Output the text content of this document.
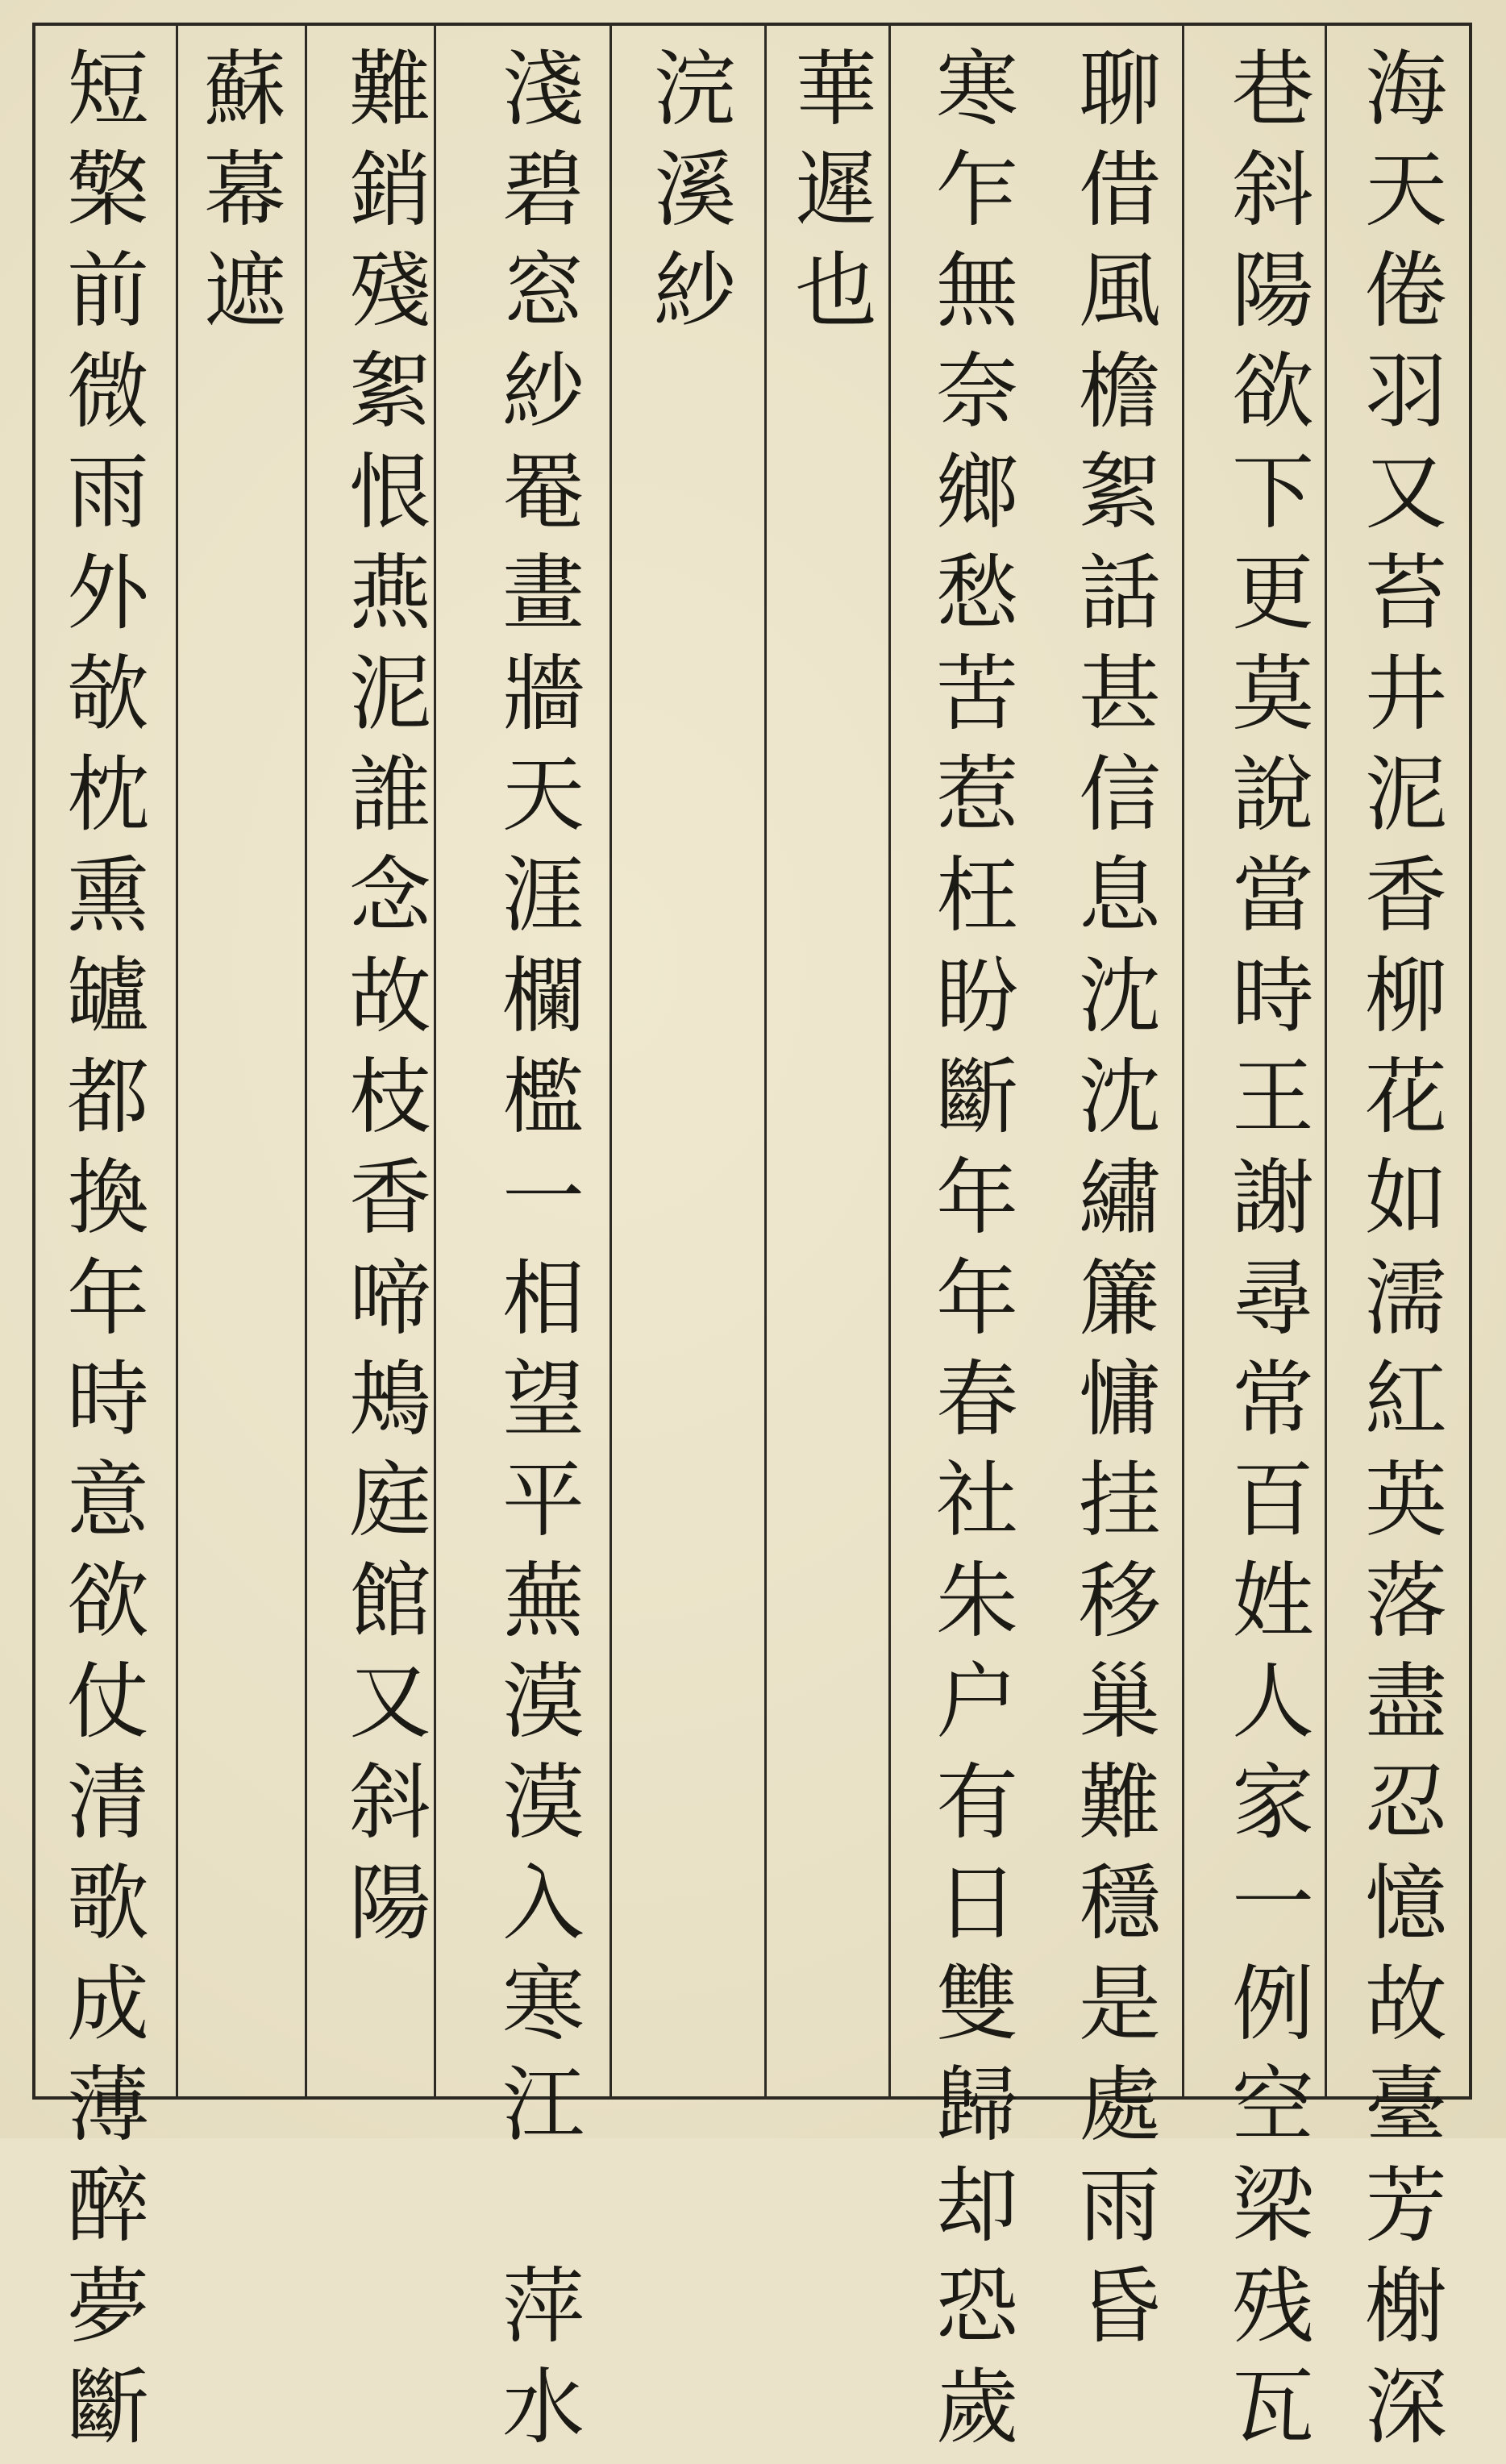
海天倦羽又苔井泥香柳花如濡紅英落盡忍憶故臺芳榭深
巷斜陽欲下更莫說當時王謝尋常百姓人家一例空梁残瓦
聊借風檐絮話甚信息沈沈繡簾慵挂移巢難穩是處雨昏
寒乍無奈鄉愁苦惹枉盼斷年年春社朱户有日雙歸却恐歲
華遲也
浣溪紗
淺碧窓紗罨畫牆天涯欄檻一相望平蕪漠漠入寒江　萍水
難銷殘絮恨燕泥誰念故枝香啼鴂庭館又斜陽
蘇幕遮
短檠前微雨外欹枕熏罏都換年時意欲仗清歌成薄醉夢斷
